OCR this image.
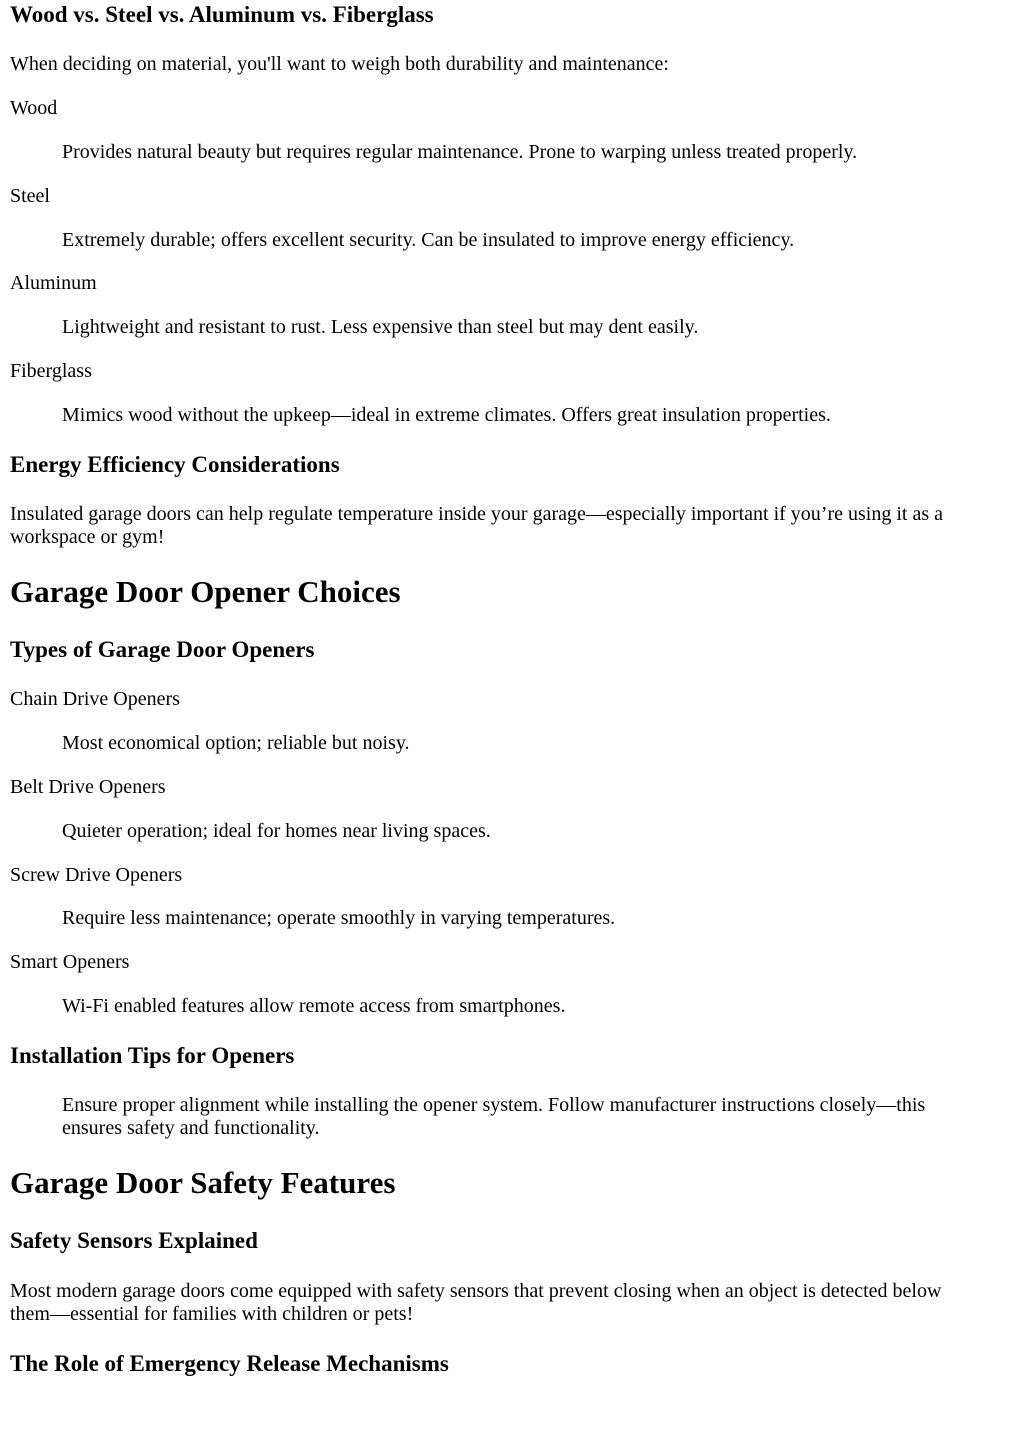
Wood vs. Steel vs. Aluminum vs. Fiberglass

When deciding on material, you'll want to weigh both durability and maintenance:

Wood
Provides natural beauty but requires regular maintenance. Prone to warping unless treated properly.
Steel
Extremely durable; offers excellent security. Can be insulated to improve energy efficiency.
Aluminum
Lightweight and resistant to rust. Less expensive than steel but may dent easily.
Fiberglass
Mimics wood without the upkeep—ideal in extreme climates. Offers great insulation properties.
Energy Efficiency Considerations

Insulated garage doors can help regulate temperature inside your garage—especially important if you’re using it as a

workspace or gym!

Garage Door Opener Choices
Types of Garage Door Openers
Chain Drive Openers
Most economical option; reliable but noisy.
Belt Drive Openers
Quieter operation; ideal for homes near living spaces.
Screw Drive Openers
Require less maintenance; operate smoothly in varying temperatures.
Smart Openers
Wi-Fi enabled features allow remote access from smartphones.
Installation Tips for Openers

Ensure proper alignment while installing the opener system. Follow manufacturer instructions closely—this

ensures safety and functionality.

Garage Door Safety Features
Safety Sensors Explained

Most modern garage doors come equipped with safety sensors that prevent closing when an object is detected below

them—essential for families with children or pets!

The Role of Emergency Release Mechanisms
